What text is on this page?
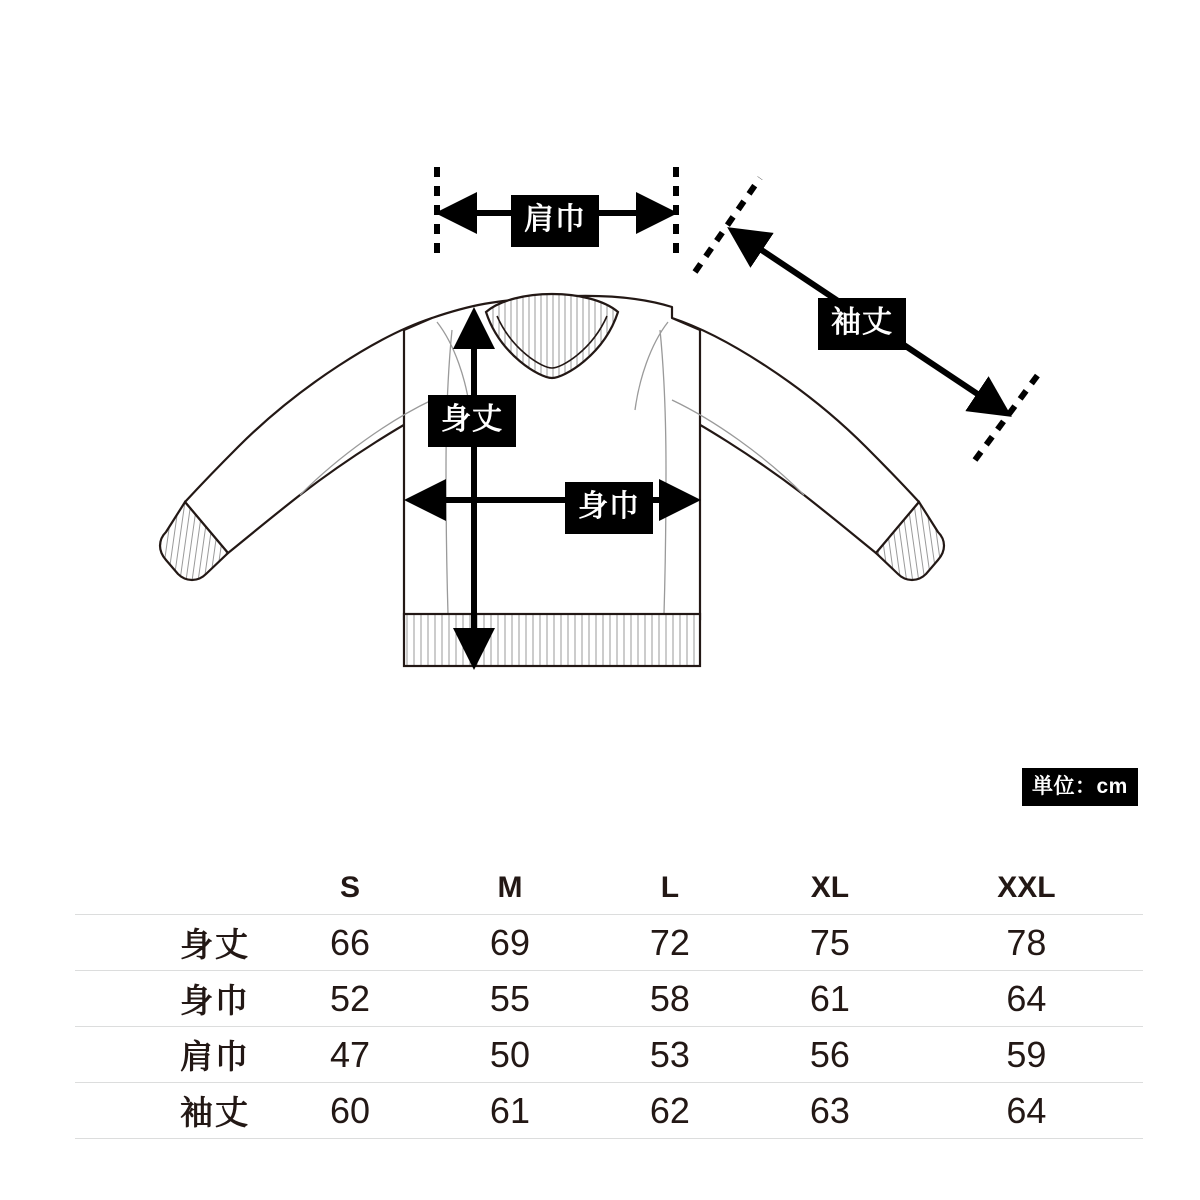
肩巾
袖丈
身丈
身巾
単位：cm
	S	M	L	XL	XXL
身丈	66	69	72	75	78
身巾	52	55	58	61	64
肩巾	47	50	53	56	59
袖丈	60	61	62	63	64
